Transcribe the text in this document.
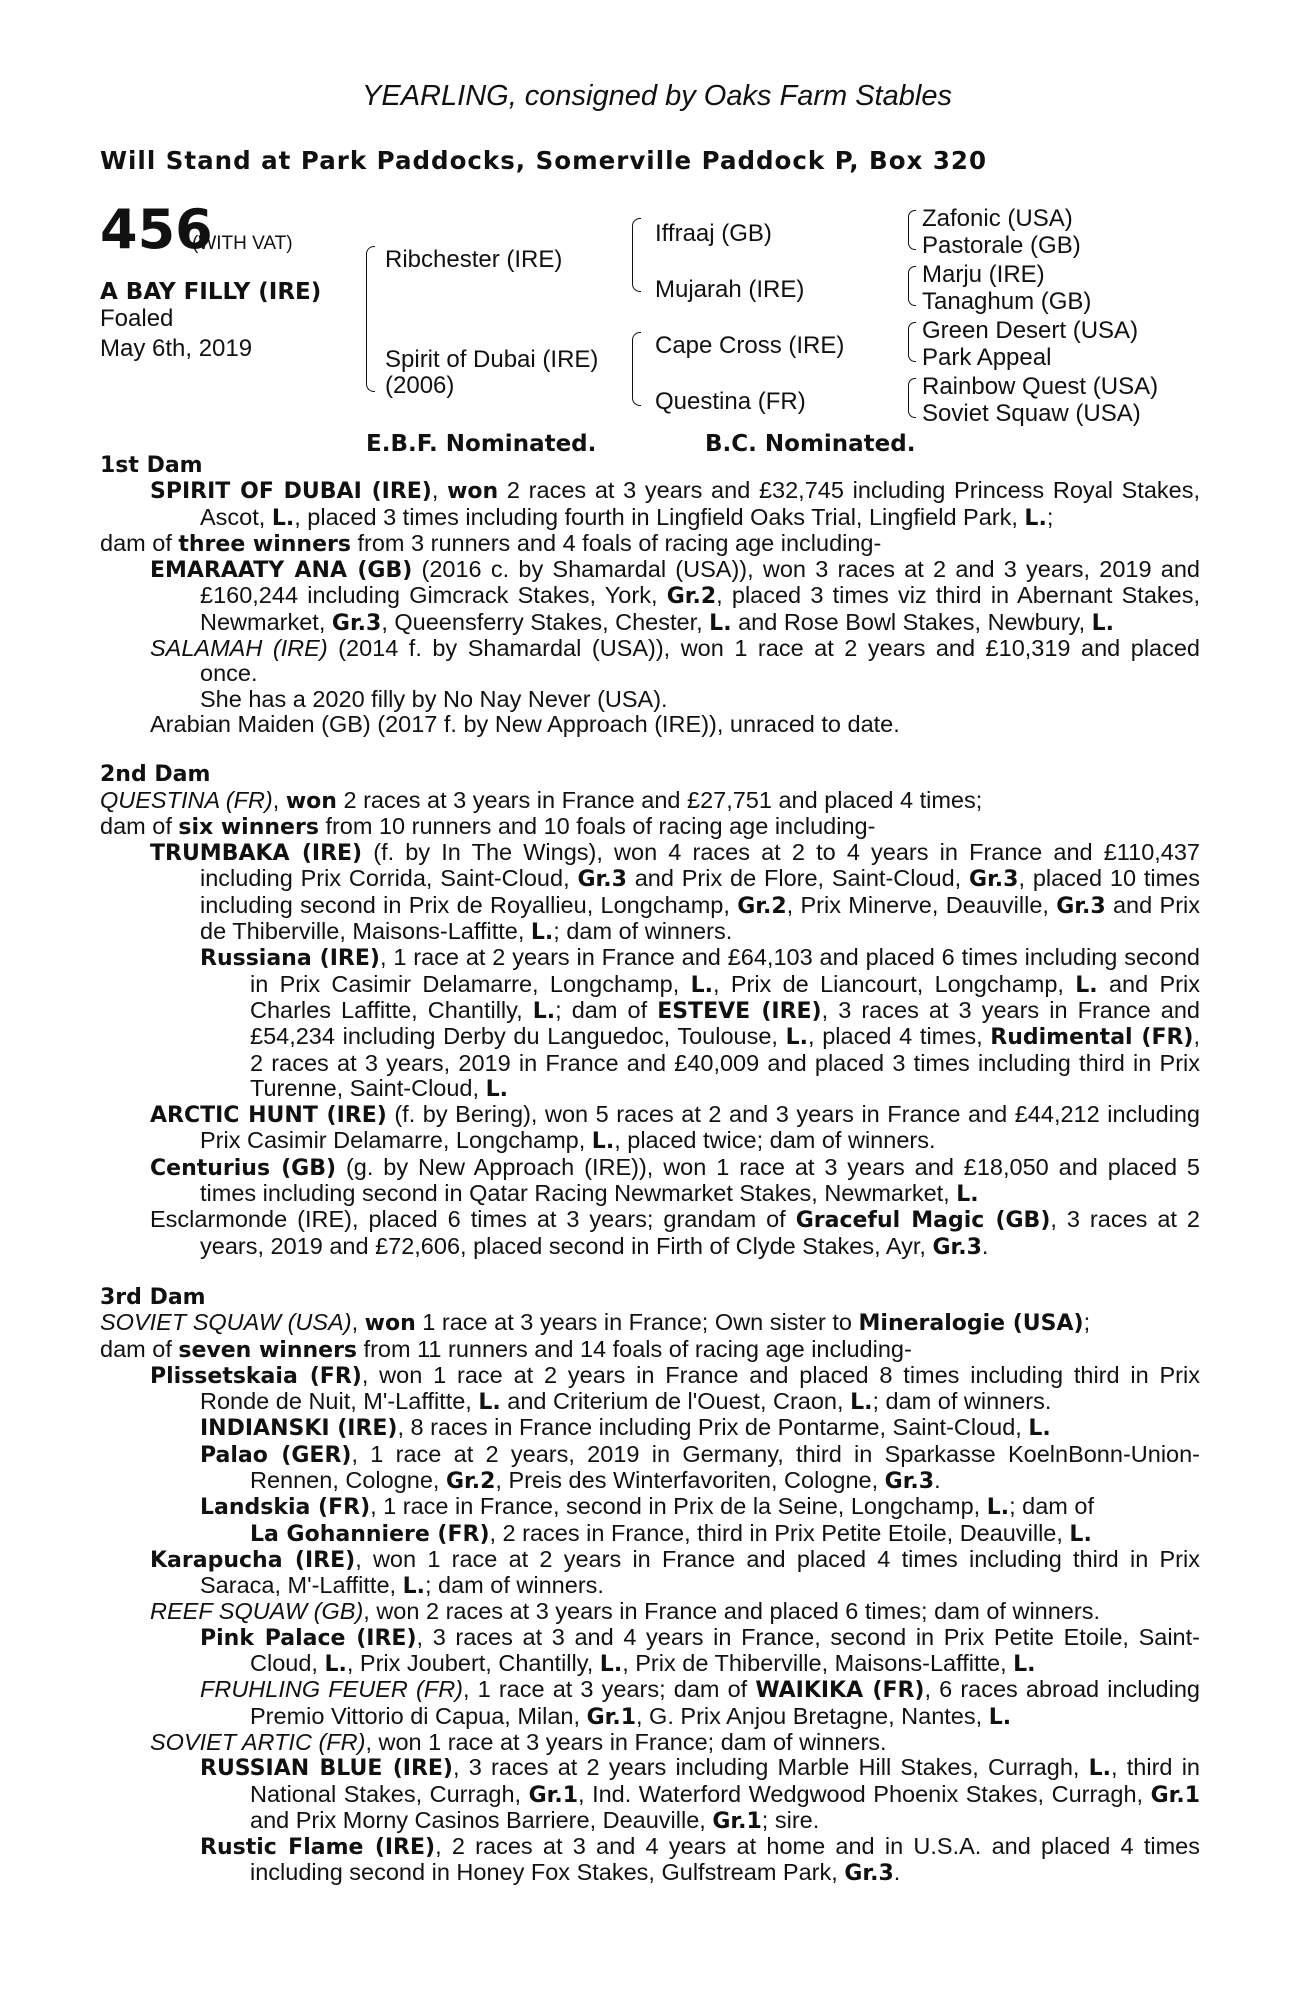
YEARLING, consigned by Oaks Farm Stables
Will Stand at Park Paddocks, Somerville Paddock P, Box 320
456
(WITH VAT)
A BAY FILLY (IRE)
Foaled
May 6th, 2019
Ribchester (IRE)
Spirit of Dubai (IRE)
(2006)
Iffraaj (GB)
Mujarah (IRE)
Cape Cross (IRE)
Questina (FR)
Zafonic (USA)
Pastorale (GB)
Marju (IRE)
Tanaghum (GB)
Green Desert (USA)
Park Appeal
Rainbow Quest (USA)
Soviet Squaw (USA)
E.B.F. Nominated.	B.C. Nominated.

1st Dam

SPIRIT OF DUBAI (IRE), won 2 races at 3 years and £32,745 including Princess Royal Stakes, Ascot, L., placed 3 times including fourth in Lingfield Oaks Trial, Lingfield Park, L.;

dam of three winners from 3 runners and 4 foals of racing age including-

EMARAATY ANA (GB) (2016 c. by Shamardal (USA)), won 3 races at 2 and 3 years, 2019 and £160,244 including Gimcrack Stakes, York, Gr.2, placed 3 times viz third in Abernant Stakes, Newmarket, Gr.3, Queensferry Stakes, Chester, L. and Rose Bowl Stakes, Newbury, L.

SALAMAH (IRE) (2014 f. by Shamardal (USA)), won 1 race at 2 years and £10,319 and placed once.

She has a 2020 filly by No Nay Never (USA).

Arabian Maiden (GB) (2017 f. by New Approach (IRE)), unraced to date.

2nd Dam

QUESTINA (FR), won 2 races at 3 years in France and £27,751 and placed 4 times;

dam of six winners from 10 runners and 10 foals of racing age including-

TRUMBAKA (IRE) (f. by In The Wings), won 4 races at 2 to 4 years in France and £110,437 including Prix Corrida, Saint-Cloud, Gr.3 and Prix de Flore, Saint-Cloud, Gr.3, placed 10 times including second in Prix de Royallieu, Longchamp, Gr.2, Prix Minerve, Deauville, Gr.3 and Prix de Thiberville, Maisons-Laffitte, L.; dam of winners.

Russiana (IRE), 1 race at 2 years in France and £64,103 and placed 6 times including second in Prix Casimir Delamarre, Longchamp, L., Prix de Liancourt, Longchamp, L. and Prix Charles Laffitte, Chantilly, L.; dam of ESTEVE (IRE), 3 races at 3 years in France and £54,234 including Derby du Languedoc, Toulouse, L., placed 4 times, Rudimental (FR), 2 races at 3 years, 2019 in France and £40,009 and placed 3 times including third in Prix Turenne, Saint-Cloud, L.

ARCTIC HUNT (IRE) (f. by Bering), won 5 races at 2 and 3 years in France and £44,212 including Prix Casimir Delamarre, Longchamp, L., placed twice; dam of winners.

Centurius (GB) (g. by New Approach (IRE)), won 1 race at 3 years and £18,050 and placed 5 times including second in Qatar Racing Newmarket Stakes, Newmarket, L.

Esclarmonde (IRE), placed 6 times at 3 years; grandam of Graceful Magic (GB), 3 races at 2 years, 2019 and £72,606, placed second in Firth of Clyde Stakes, Ayr, Gr.3.

3rd Dam

SOVIET SQUAW (USA), won 1 race at 3 years in France; Own sister to Mineralogie (USA);

dam of seven winners from 11 runners and 14 foals of racing age including-

Plissetskaia (FR), won 1 race at 2 years in France and placed 8 times including third in Prix Ronde de Nuit, M'-Laffitte, L. and Criterium de l'Ouest, Craon, L.; dam of winners.

INDIANSKI (IRE), 8 races in France including Prix de Pontarme, Saint-Cloud, L.

Palao (GER), 1 race at 2 years, 2019 in Germany, third in Sparkasse KoelnBonn-Union-Rennen, Cologne, Gr.2, Preis des Winterfavoriten, Cologne, Gr.3.

Landskia (FR), 1 race in France, second in Prix de la Seine, Longchamp, L.; dam of

La Gohanniere (FR), 2 races in France, third in Prix Petite Etoile, Deauville, L.

Karapucha (IRE), won 1 race at 2 years in France and placed 4 times including third in Prix Saraca, M'-Laffitte, L.; dam of winners.

REEF SQUAW (GB), won 2 races at 3 years in France and placed 6 times; dam of winners.

Pink Palace (IRE), 3 races at 3 and 4 years in France, second in Prix Petite Etoile, Saint-Cloud, L., Prix Joubert, Chantilly, L., Prix de Thiberville, Maisons-Laffitte, L.

FRUHLING FEUER (FR), 1 race at 3 years; dam of WAIKIKA (FR), 6 races abroad including Premio Vittorio di Capua, Milan, Gr.1, G. Prix Anjou Bretagne, Nantes, L.

SOVIET ARTIC (FR), won 1 race at 3 years in France; dam of winners.

RUSSIAN BLUE (IRE), 3 races at 2 years including Marble Hill Stakes, Curragh, L., third in National Stakes, Curragh, Gr.1, Ind. Waterford Wedgwood Phoenix Stakes, Curragh, Gr.1 and Prix Morny Casinos Barriere, Deauville, Gr.1; sire.

Rustic Flame (IRE), 2 races at 3 and 4 years at home and in U.S.A. and placed 4 times including second in Honey Fox Stakes, Gulfstream Park, Gr.3.
